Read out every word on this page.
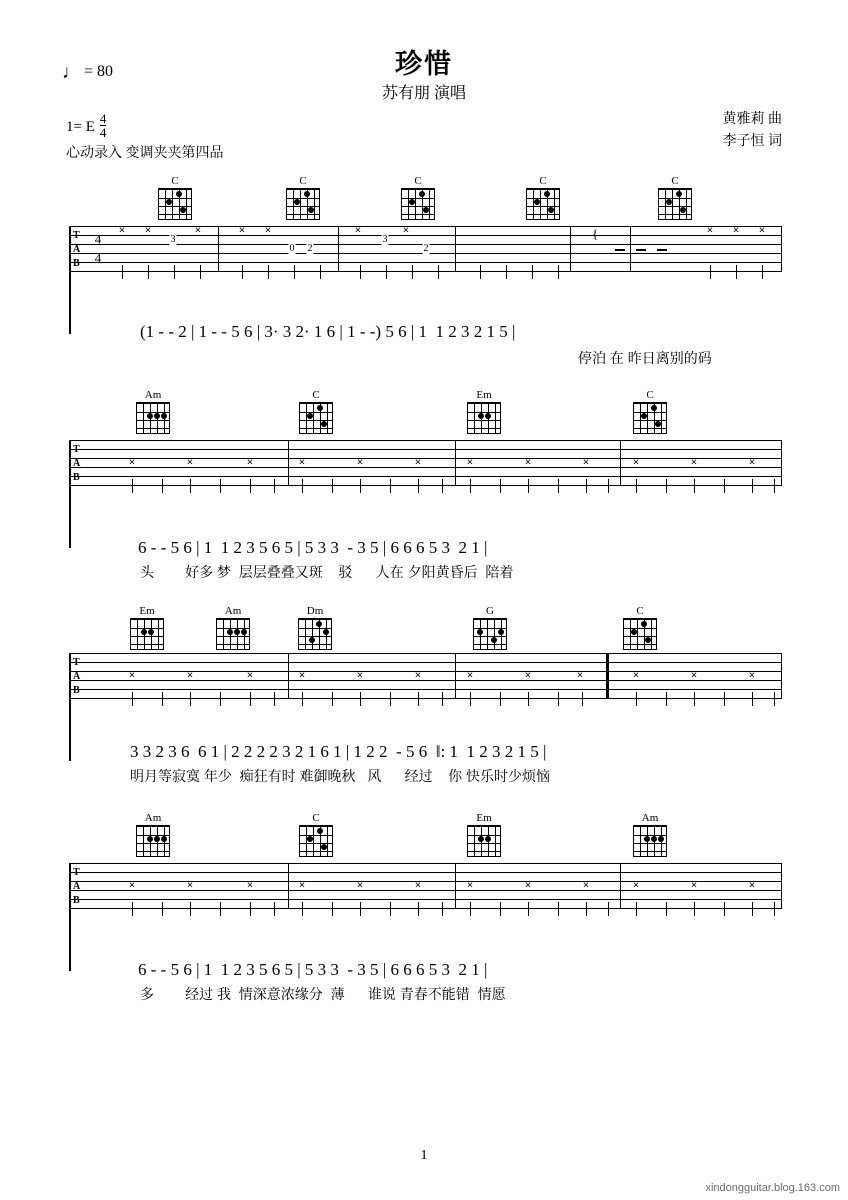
♩ = 80	珍惜
苏有朋 演唱
1= E $\frac{4}{4}$
心动录入 变调夹夹第四品
黄雅莉 曲
李子恒 词
C	C	C	C	C
T
A
B
4
4
× ×
3
×	× ×
0 2
×
3
×
2
{	× × ×
(1 - - 2 | 1 - - 5 6 | 3· 3 2· 1 6 | 1 - -) 5 6 | 1  1 2 3 2 1 5 |
停泊 在 昨日离别的码
Am	C	Em	C
T
A
B
×	×	×	×	×	×	×	×	×	×	×	×
6 - - 5 6 | 1  1 2 3 5 6 5 | 5 3 3  - 3 5 | 6 6 6 5 3  2 1 |
头        好多 梦  层层叠叠又斑    驳      人在 夕阳黄昏后  陪着
Em	Am	Dm	G	C
T
A
B
×	×	×	×	×	×	×	×	×	×	×	×
3 3 2 3 6  6 1 | 2 2 2 2 3 2 1 6 1 | 1 2 2  - 5 6  ‖: 1  1 2 3 2 1 5 |
明月等寂寞 年少  痴狂有时 难御晚秋   风      经过    你 快乐时少烦恼
Am	C	Em	Am
T
A
B
×	×	×	×	×	×	×	×	×	×	×	×
6 - - 5 6 | 1  1 2 3 5 6 5 | 5 3 3  - 3 5 | 6 6 6 5 3  2 1 |
多        经过 我  情深意浓缘分  薄      谁说 青春不能错  情愿
1
xindongguitar.blog.163.com
